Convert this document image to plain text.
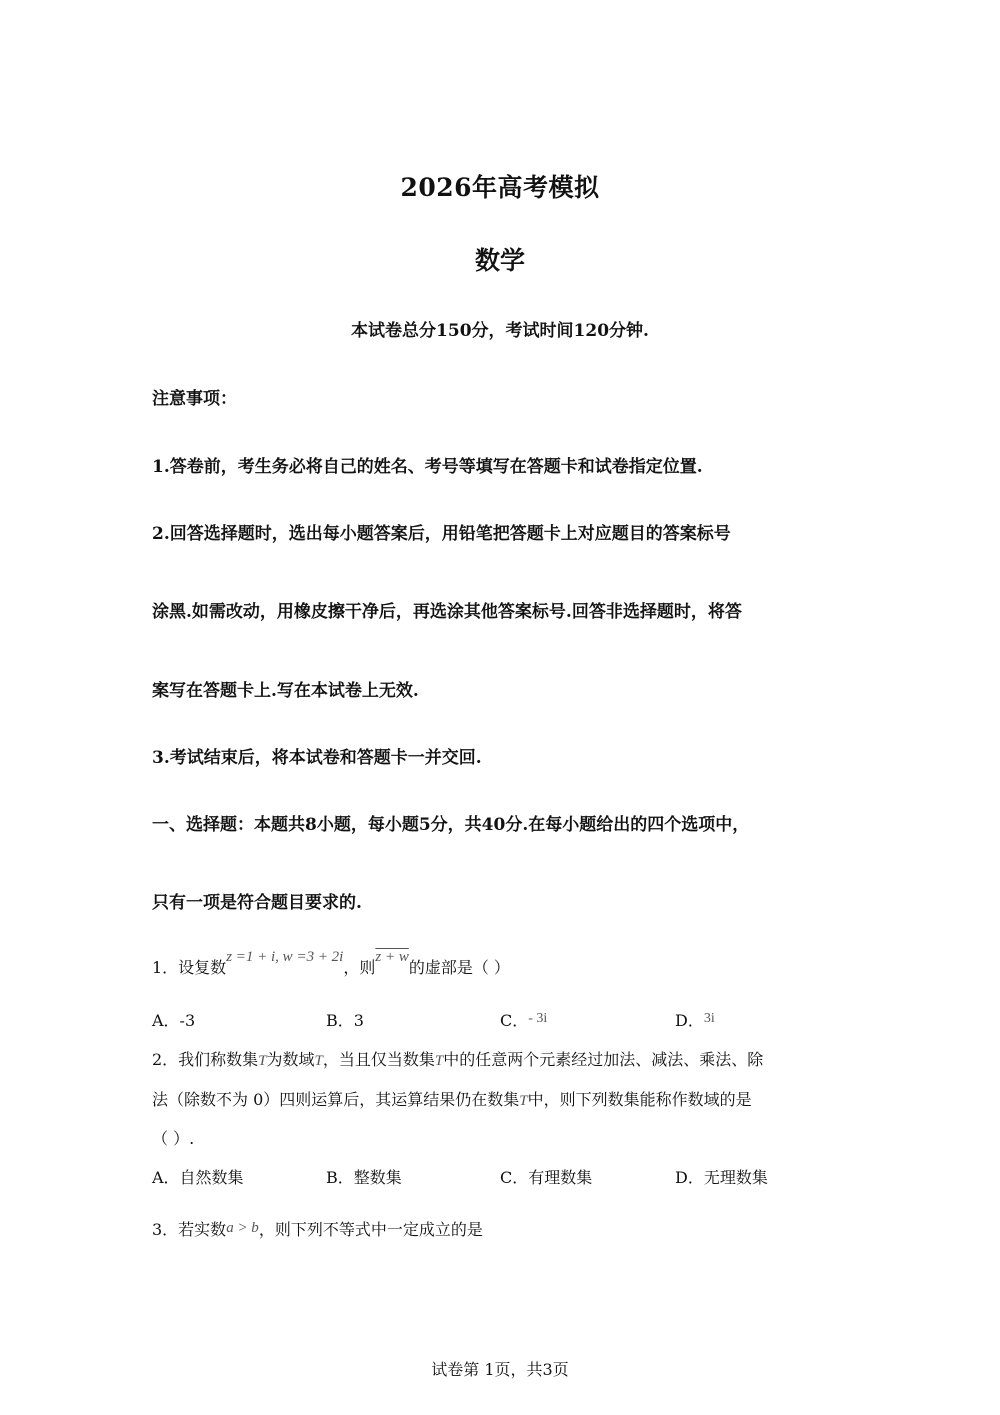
2026年高考模拟
数学
本试卷总分150分，考试时间120分钟.
注意事项：
1.答卷前，考生务必将自己的姓名、考号等填写在答题卡和试卷指定位置.
2.回答选择题时，选出每小题答案后，用铅笔把答题卡上对应题目的答案标号
涂黑.如需改动，用橡皮擦干净后，再选涂其他答案标号.回答非选择题时，将答
案写在答题卡上.写在本试卷上无效.
3.考试结束后，将本试卷和答题卡一并交回.
一、选择题：本题共8小题，每小题5分，共40分.在每小题给出的四个选项中，
只有一项是符合题目要求的.
1．设复数z =1 + i, w =3 + 2i，则z + w的虚部是（ ）
A．-3	B．3	C．- 3i	D．3i
2．我们称数集T为数域T，当且仅当数集T中的任意两个元素经过加法、减法、乘法、除
法（除数不为 0）四则运算后，其运算结果仍在数集T中，则下列数集能称作数域的是
（ ）.
A．自然数集	B．整数集	C．有理数集	D．无理数集
3．若实数a > b，则下列不等式中一定成立的是
试卷第 1页，共3页
